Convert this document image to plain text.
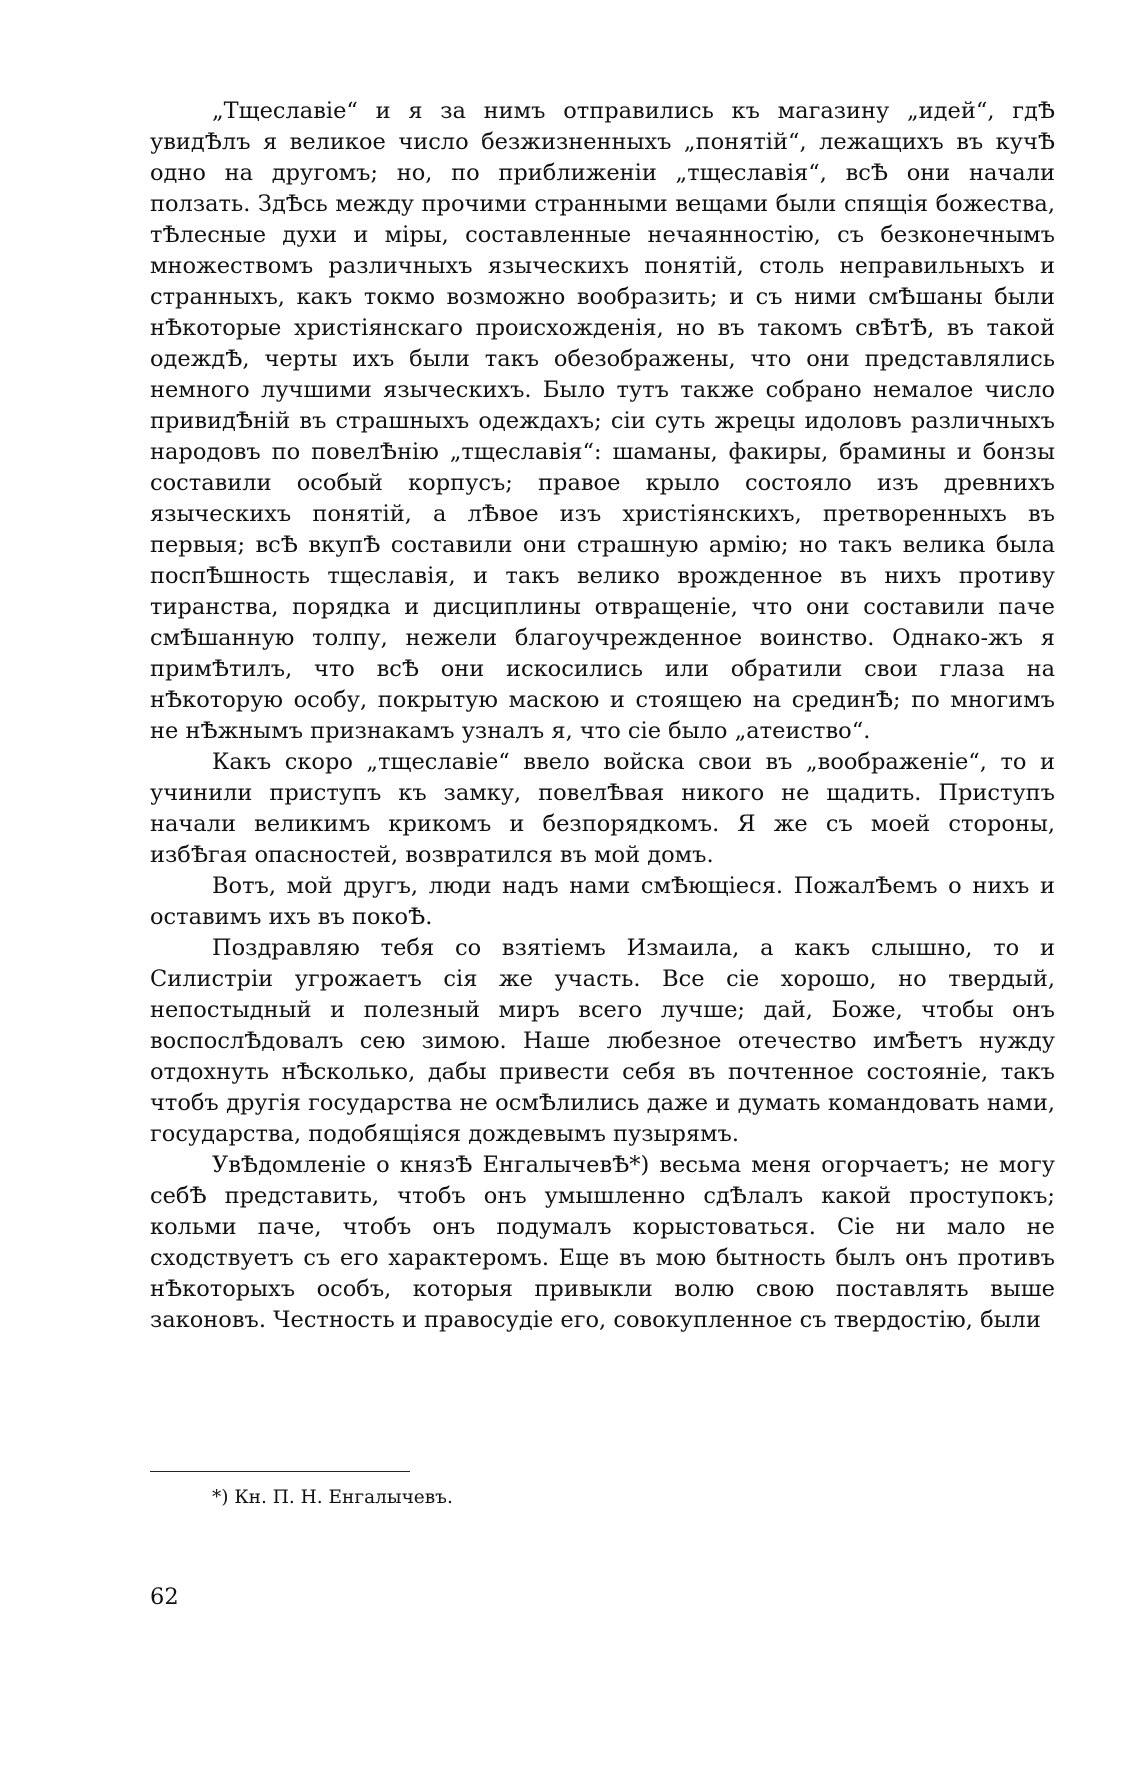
„Тщеславіе“ и я за нимъ отправились къ магазину „идей“, гдѢ увидѢлъ я великое число безжизненныхъ „понятій“, лежащихъ въ кучѢ одно на другомъ; но, по приближеніи „тщеславія“, всѢ они начали ползать. ЗдѢсь между прочими странными вещами были спящія божества, тѢлесные духи и міры, составленные нечаянностію, съ безконечнымъ множествомъ различныхъ языческихъ понятій, столь неправильныхъ и странныхъ, какъ токмо возможно вообразить; и съ ними смѢшаны были нѢкоторые христіянскаго происхожденія, но въ такомъ свѢтѢ, въ такой одеждѢ, черты ихъ были такъ обезображены, что они представлялись немного лучшими языческихъ. Было тутъ также собрано немалое число привидѢній въ страшныхъ одеждахъ; сіи суть жрецы идоловъ различныхъ народовъ по повелѢнію „тщеславія“: шаманы, факиры, брамины и бонзы составили особый корпусъ; правое крыло состояло изъ древнихъ языческихъ понятій, а лѢвое изъ христіянскихъ, претворенныхъ въ первыя; всѢ вкупѢ составили они страшную армію; но такъ велика была поспѢшность тщеславія, и такъ велико врожденное въ нихъ противу тиранства, порядка и дисциплины отвращеніе, что они составили паче смѢшанную толпу, нежели благоучрежденное воинство. Однако-жъ я примѢтилъ, что всѢ они искосились или обратили свои глаза на нѢкоторую особу, покрытую маскою и стоящею на срединѢ; по многимъ не нѢжнымъ признакамъ узналъ я, что сіе было „атеиство“.

Какъ скоро „тщеславіе“ ввело войска свои въ „воображеніе“, то и учинили приступъ къ замку, повелѢвая никого не щадить. Приступъ начали великимъ крикомъ и безпорядкомъ. Я же съ моей стороны, избѢгая опасностей, возвратился въ мой домъ.

Вотъ, мой другъ, люди надъ нами смѢющіеся. ПожалѢемъ о нихъ и оставимъ ихъ въ покоѢ.

Поздравляю тебя со взятіемъ Измаила, а какъ слышно, то и Силистріи угрожаетъ сія же участь. Все сіе хорошо, но твердый, непостыдный и полезный миръ всего лучше; дай, Боже, чтобы онъ воспослѢдовалъ сею зимою. Наше любезное отечество имѢетъ нужду отдохнуть нѢсколько, дабы привести себя въ почтенное состояніе, такъ чтобъ другія государства не осмѢлились даже и думать командовать нами, государства, подобящіяся дождевымъ пузырямъ.

УвѢдомленіе о князѢ ЕнгалычевѢ*) весьма меня огорчаетъ; не могу себѢ представить, чтобъ онъ умышленно сдѢлалъ какой проступокъ; кольми паче, чтобъ онъ подумалъ корыстоваться. Сіе ни мало не сходствуетъ съ его характеромъ. Еще въ мою бытность былъ онъ противъ нѢкоторыхъ особъ, которыя привыкли волю свою поставлять выше законовъ. Честность и правосудіе его, совокупленное съ твердостію, были

*) Кн. П. Н. Енгалычевъ.
62
